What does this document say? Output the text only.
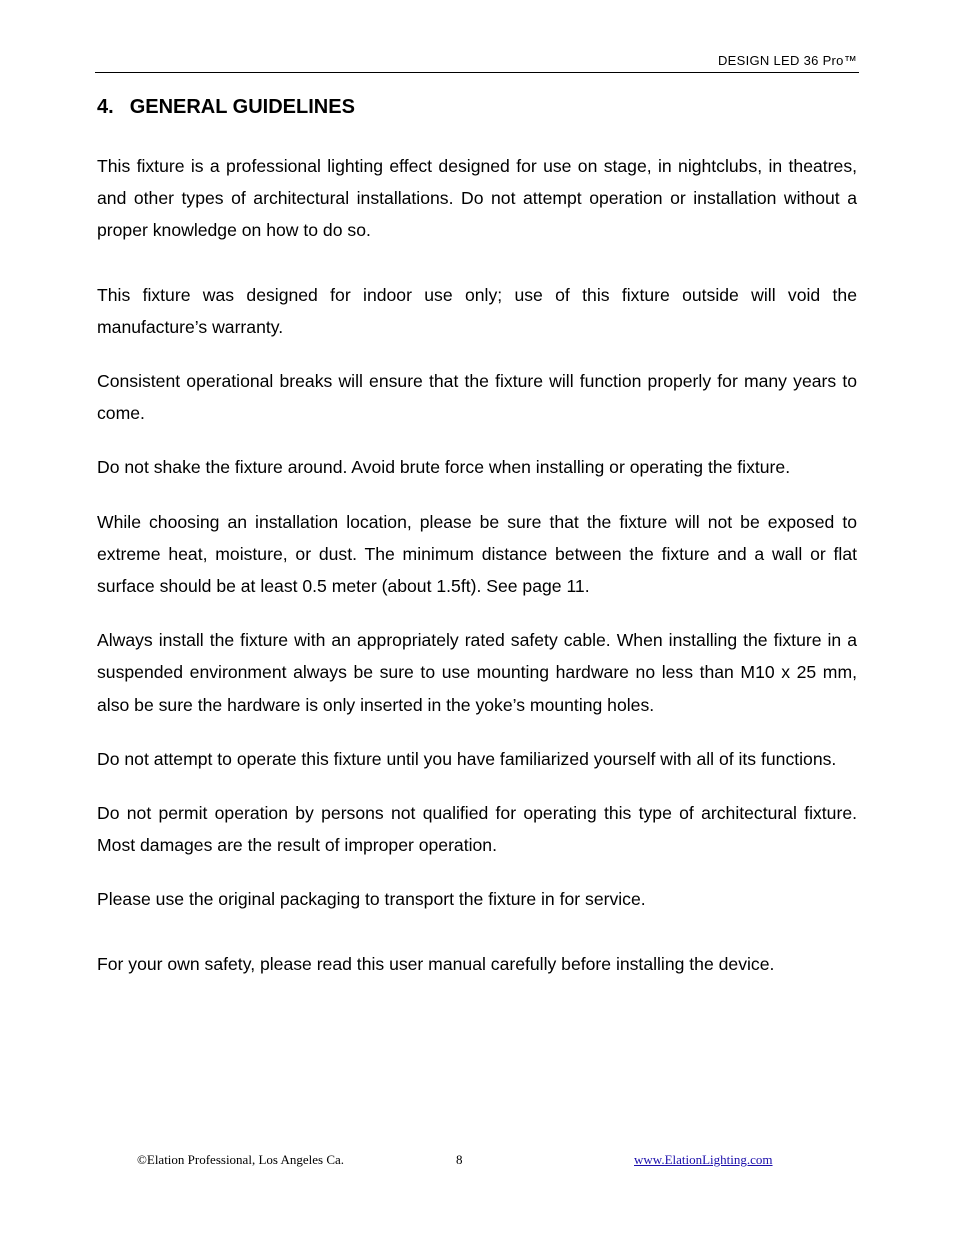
DESIGN LED 36 Pro™
4. GENERAL GUIDELINES

This fixture is a professional lighting effect designed for use on stage, in nightclubs, in theatres, and other types of architectural installations. Do not attempt operation or installation without a proper knowledge on how to do so.

This fixture was designed for indoor use only; use of this fixture outside will void the manufacture’s warranty.

Consistent operational breaks will ensure that the fixture will function properly for many years to come.

Do not shake the fixture around. Avoid brute force when installing or operating the fixture.

While choosing an installation location, please be sure that the fixture will not be exposed to extreme heat, moisture, or dust. The minimum distance between the fixture and a wall or flat surface should be at least 0.5 meter (about 1.5ft). See page 11.

Always install the fixture with an appropriately rated safety cable. When installing the fixture in a suspended environment always be sure to use mounting hardware no less than M10 x 25 mm, also be sure the hardware is only inserted in the yoke’s mounting holes.

Do not attempt to operate this fixture until you have familiarized yourself with all of its functions.

Do not permit operation by persons not qualified for operating this type of architectural fixture. Most damages are the result of improper operation.

Please use the original packaging to transport the fixture in for service.

For your own safety, please read this user manual carefully before installing the device.

©Elation Professional, Los Angeles Ca.	8	www.ElationLighting.com
